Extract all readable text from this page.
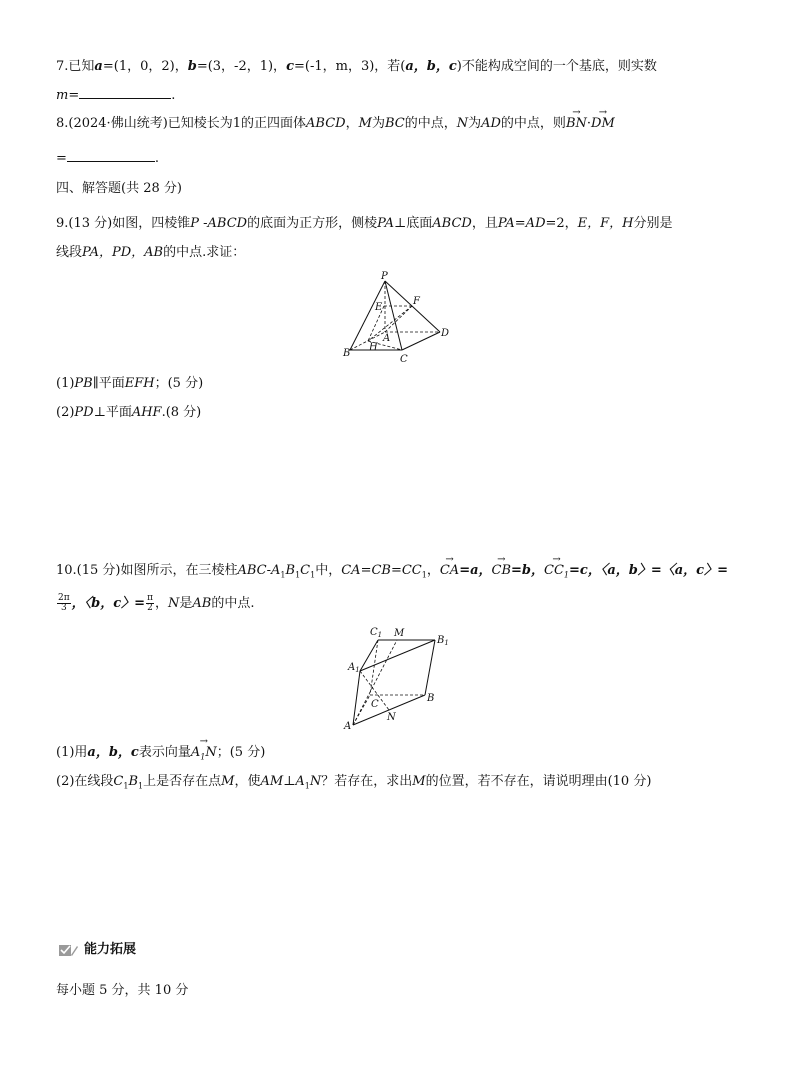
7.已知a=(1，0，2)，b=(3，-2，1)，c=(-1，m，3)，若(a，b，c)不能构成空间的一个基底，则实数
m=	.
8.(2024·佛山统考)已知棱长为1的正四面体ABCD，M为BC的中点，N为AD的中点，则→ BN·→ DM
=	.
四、解答题(共 28 分)
9.(13 分)如图，四棱锥P -ABCD的底面为正方形，侧棱PA⊥底面ABCD，且PA=AD=2，E，F，H分别是
线段PA，PD，AB的中点.求证：
P
E
F
A	D
B
H
C
(1)PB∥平面EFH；(5 分)
(2)PD⊥平面AHF.(8 分)
10.(15 分)如图所示，在三棱柱ABC-$A_1B_1C_1$中，$CA=CB=CC_1$，→ CA=a，→ CB=b，→ $CC_1=c$，〈a，b〉=〈a，c〉=
$\frac{2\pi}{3}$ ，〈b，c〉= $\frac{\pi}{2}$ ，N是AB的中点.
$C_1$ M
$B_1$
$A_1$
C
B
N
A
(1)用a，b，c表示向量→ $A_1N$；(5 分)
(2)在线段$C_1B_1$上是否存在点M，使$AM\perp A_1N$？若存在，求出M的位置，若不存在，请说明理由(10 分)
能力拓展
每小题 5 分，共 10 分
